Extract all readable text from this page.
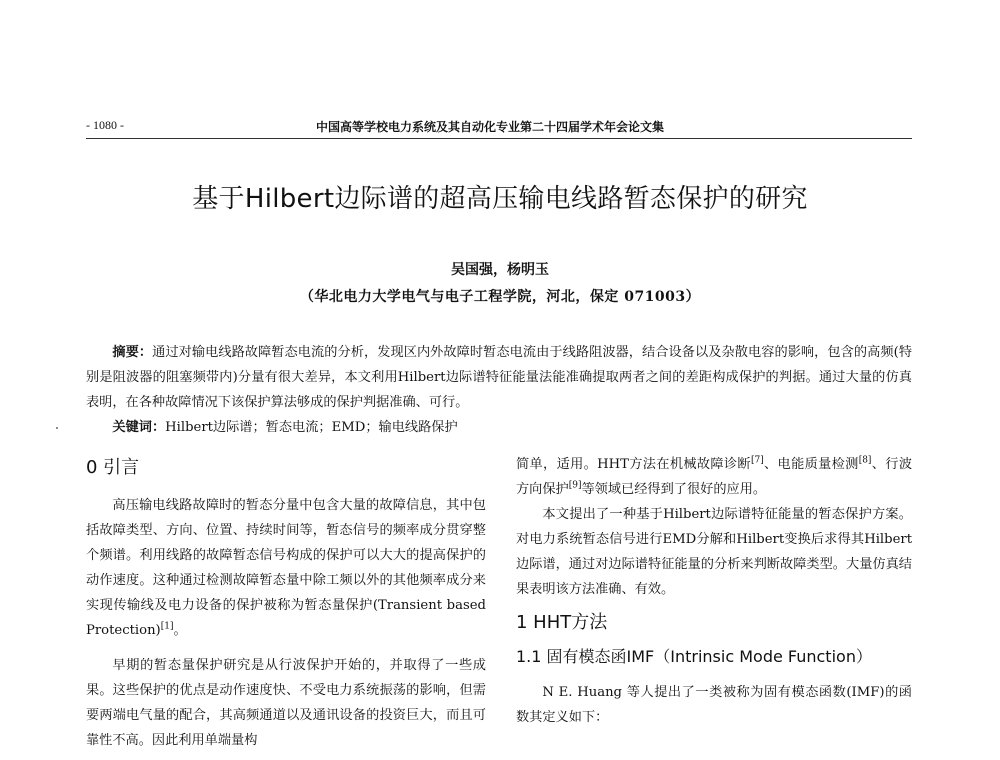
- 1080 -	中国高等学校电力系统及其自动化专业第二十四届学术年会论文集
基于Hilbert边际谱的超高压输电线路暂态保护的研究
吴国强，杨明玉
（华北电力大学电气与电子工程学院，河北，保定 071003）

摘要：通过对输电线路故障暂态电流的分析，发现区内外故障时暂态电流由于线路阻波器，结合设备以及杂散电容的影响，包含的高频(特别是阻波器的阻塞频带内)分量有很大差异，本文利用Hilbert边际谱特征能量法能准确提取两者之间的差距构成保护的判据。通过大量的仿真表明，在各种故障情况下该保护算法够成的保护判据准确、可行。

关键词：Hilbert边际谱；暂态电流；EMD；输电线路保护

0 引言

高压输电线路故障时的暂态分量中包含大量的故障信息，其中包括故障类型、方向、位置、持续时间等，暂态信号的频率成分贯穿整个频谱。利用线路的故障暂态信号构成的保护可以大大的提高保护的动作速度。这种通过检测故障暂态量中除工频以外的其他频率成分来实现传输线及电力设备的保护被称为暂态量保护(Transient based Protection)[1]。

早期的暂态量保护研究是从行波保护开始的，并取得了一些成果。这些保护的优点是动作速度快、不受电力系统振荡的影响，但需要两端电气量的配合，其高频通道以及通讯设备的投资巨大，而且可靠性不高。因此利用单端量构

简单，适用。HHT方法在机械故障诊断[7]、电能质量检测[8]、行波方向保护[9]等领域已经得到了很好的应用。

本文提出了一种基于Hilbert边际谱特征能量的暂态保护方案。对电力系统暂态信号进行EMD分解和Hilbert变换后求得其Hilbert边际谱，通过对边际谱特征能量的分析来判断故障类型。大量仿真结果表明该方法准确、有效。

1 HHT方法
1.1 固有模态函IMF（Intrinsic Mode Function）

N E. Huang 等人提出了一类被称为固有模态函数(IMF)的函数其定义如下：
